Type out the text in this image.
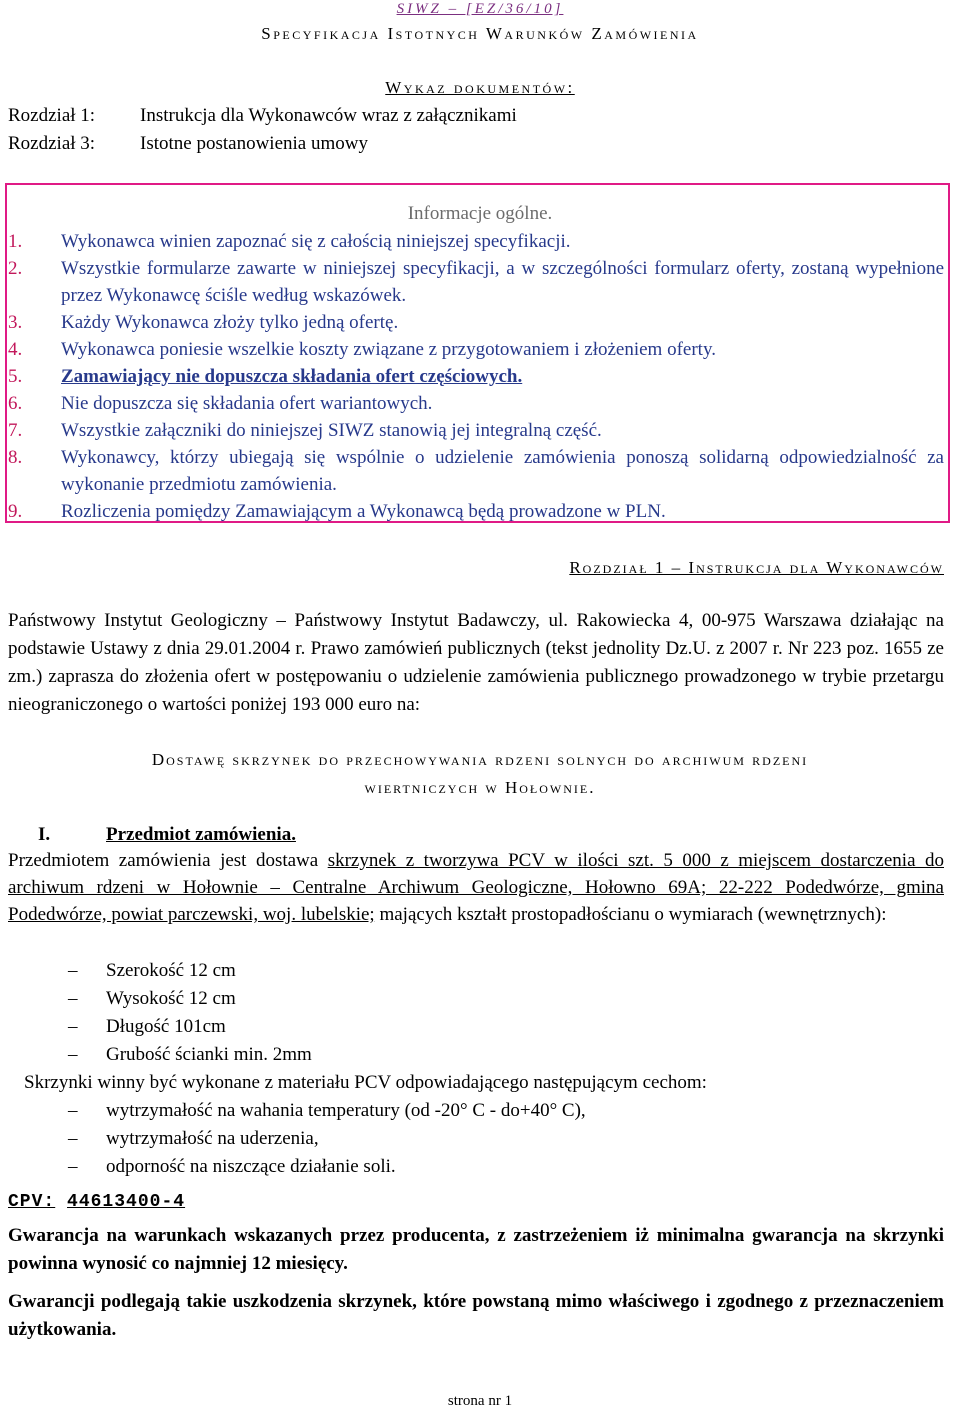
SIWZ – [EZ/36/10]
Specyfikacja Istotnych Warunków Zamówienia
Wykaz dokumentów:
Rozdział 1:	Instrukcja dla Wykonawców wraz z załącznikami
Rozdział 3:	Istotne postanowienia umowy
Informacje ogólne.
1.	Wykonawca winien zapoznać się z całością niniejszej specyfikacji.
2.	Wszystkie formularze zawarte w niniejszej specyfikacji, a w szczególności formularz oferty, zostaną wypełnione przez Wykonawcę ściśle według wskazówek.
3.	Każdy Wykonawca złoży tylko jedną ofertę.
4.	Wykonawca poniesie wszelkie koszty związane z przygotowaniem i złożeniem oferty.
5.	Zamawiający nie dopuszcza składania ofert częściowych.
6.	Nie dopuszcza się składania ofert wariantowych.
7.	Wszystkie załączniki do niniejszej SIWZ stanowią jej integralną część.
8.	Wykonawcy, którzy ubiegają się wspólnie o udzielenie zamówienia ponoszą solidarną odpowiedzialność za wykonanie przedmiotu zamówienia.
9.	Rozliczenia pomiędzy Zamawiającym a Wykonawcą będą prowadzone w PLN.
Rozdział 1 – Instrukcja dla Wykonawców
Państwowy Instytut Geologiczny – Państwowy Instytut Badawczy, ul. Rakowiecka 4, 00-975 Warszawa działając na podstawie Ustawy z dnia 29.01.2004 r. Prawo zamówień publicznych (tekst jednolity Dz.U. z 2007 r. Nr 223 poz. 1655 ze zm.) zaprasza do złożenia ofert w postępowaniu o udzielenie zamówienia publicznego prowadzonego w trybie przetargu nieograniczonego o wartości poniżej 193 000 euro na:
Dostawę skrzynek do przechowywania rdzeni solnych do archiwum rdzeni
wiertniczych w Hołownie.
I.	Przedmiot zamówienia.
Przedmiotem zamówienia jest dostawa skrzynek z tworzywa PCV w ilości szt. 5 000 z miejscem dostarczenia do archiwum rdzeni w Hołownie – Centralne Archiwum Geologiczne, Hołowno 69A; 22-222 Podedwórze, gmina Podedwórze, powiat parczewski, woj. lubelskie; mających kształt prostopadłościanu o wymiarach (wewnętrznych):
–	Szerokość 12 cm
–	Wysokość 12 cm
–	Długość 101cm
–	Grubość ścianki min. 2mm
Skrzynki winny być wykonane z materiału PCV odpowiadającego następującym cechom:
–	wytrzymałość na wahania temperatury (od -20° C - do+40° C),
–	wytrzymałość na uderzenia,
–	odporność na niszczące działanie soli.
CPV: 44613400-4
Gwarancja na warunkach wskazanych przez producenta, z zastrzeżeniem iż minimalna gwarancja na skrzynki powinna wynosić co najmniej 12 miesięcy.
Gwarancji podlegają takie uszkodzenia skrzynek, które powstaną mimo właściwego i zgodnego z przeznaczeniem użytkowania.
strona nr 1
